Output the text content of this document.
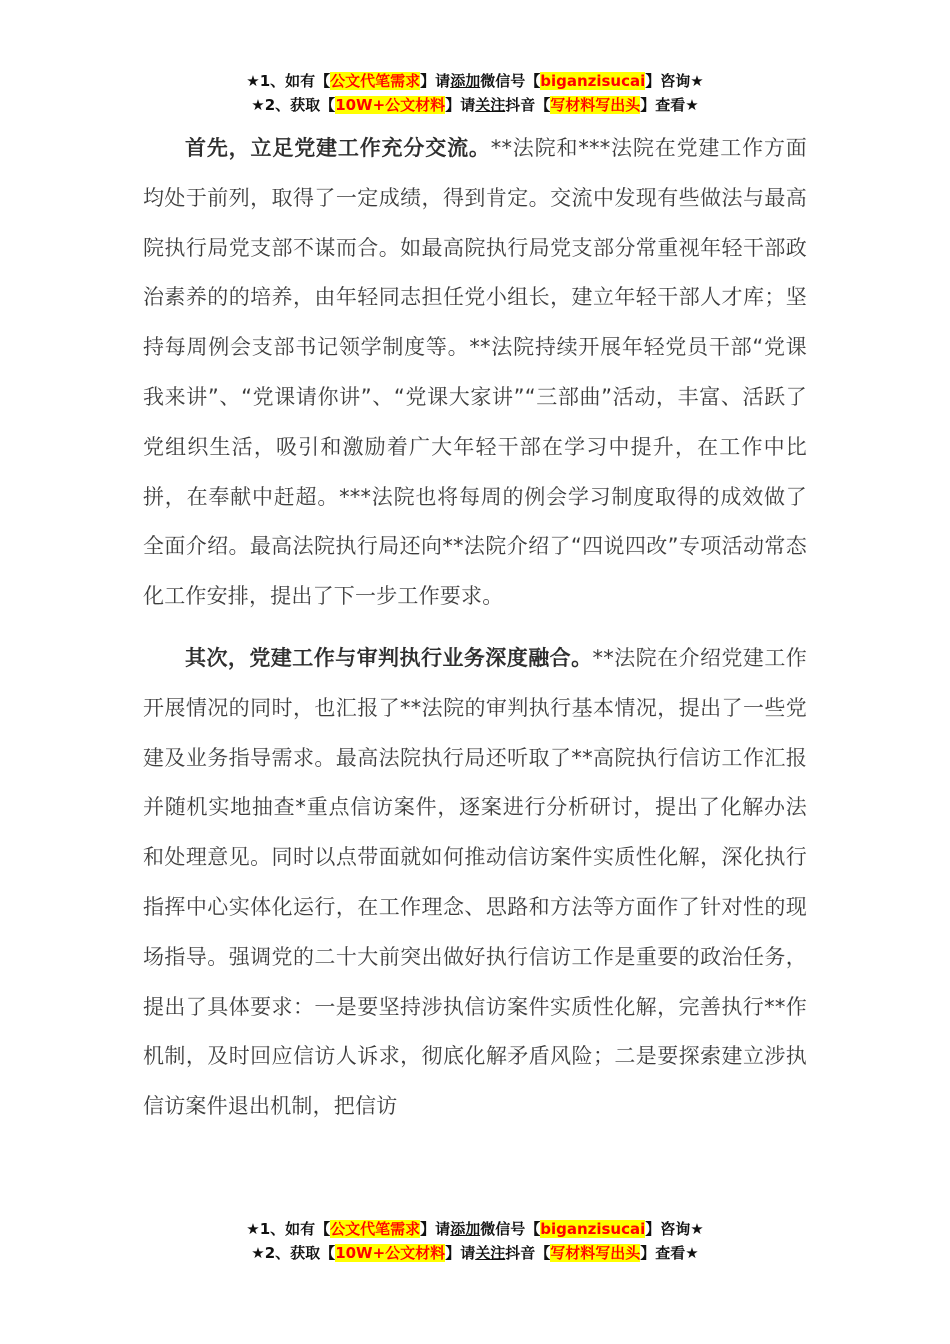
★1、如有【公文代笔需求】请添加微信号【biganzisucai】咨询★
★2、获取【10W+公文材料】请关注抖音【写材料写出头】查看★

首先，立足党建工作充分交流。**法院和***法院在党建工作方面均处于前列，取得了一定成绩，得到肯定。交流中发现有些做法与最高院执行局党支部不谋而合。如最高院执行局党支部分常重视年轻干部政治素养的的培养，由年轻同志担任党小组长，建立年轻干部人才库；坚持每周例会支部书记领学制度等。**法院持续开展年轻党员干部“党课我来讲”、“党课请你讲”、“党课大家讲”“三部曲”活动，丰富、活跃了党组织生活，吸引和激励着广大年轻干部在学习中提升，在工作中比拼，在奉献中赶超。***法院也将每周的例会学习制度取得的成效做了全面介绍。最高法院执行局还向**法院介绍了“四说四改”专项活动常态化工作安排，提出了下一步工作要求。

其次，党建工作与审判执行业务深度融合。**法院在介绍党建工作开展情况的同时，也汇报了**法院的审判执行基本情况，提出了一些党建及业务指导需求。最高法院执行局还听取了**高院执行信访工作汇报并随机实地抽查*重点信访案件，逐案进行分析研讨，提出了化解办法和处理意见。同时以点带面就如何推动信访案件实质性化解，深化执行指挥中心实体化运行，在工作理念、思路和方法等方面作了针对性的现场指导。强调党的二十大前突出做好执行信访工作是重要的政治任务，提出了具体要求：一是要坚持涉执信访案件实质性化解，完善执行**作机制，及时回应信访人诉求，彻底化解矛盾风险；二是要探索建立涉执信访案件退出机制，把信访

★1、如有【公文代笔需求】请添加微信号【biganzisucai】咨询★
★2、获取【10W+公文材料】请关注抖音【写材料写出头】查看★
